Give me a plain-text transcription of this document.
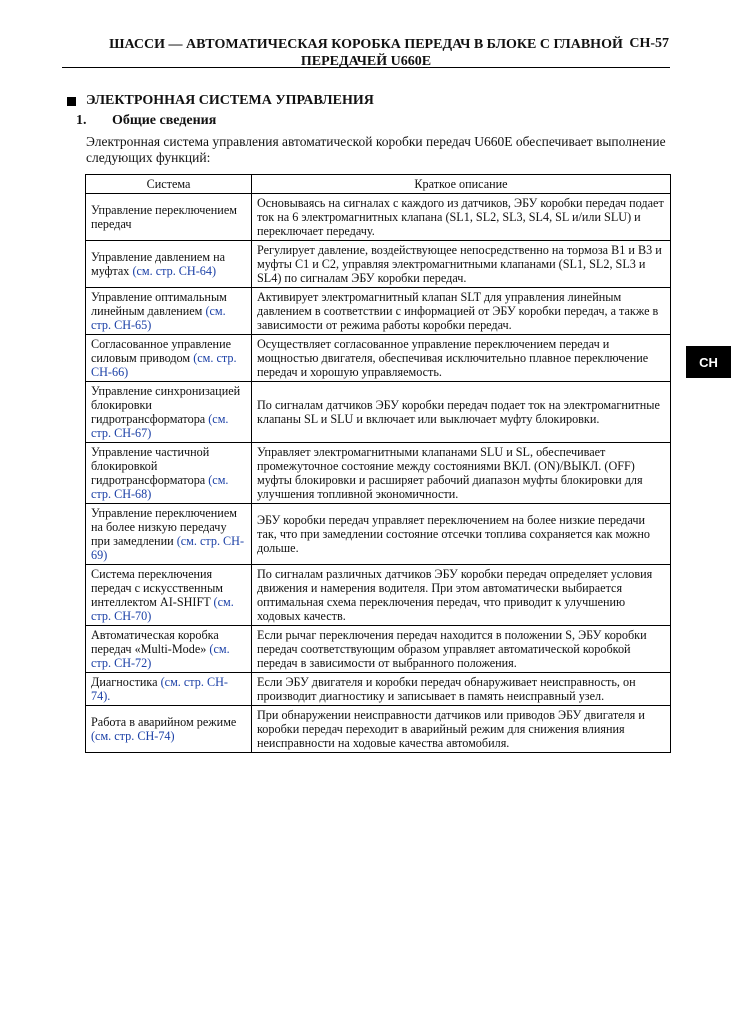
ШАССИ — АВТОМАТИЧЕСКАЯ КОРОБКА ПЕРЕДАЧ В БЛОКЕ С ГЛАВНОЙ
ПЕРЕДАЧЕЙ U660E
CH-57
ЭЛЕКТРОННАЯ СИСТЕМА УПРАВЛЕНИЯ
1. Общие сведения
Электронная система управления автоматической коробки передач U660E обеспечивает выполнение следующих функций:
Система	Краткое описание
Управление переключением передач	Основываясь на сигналах с каждого из датчиков, ЭБУ коробки передач подает ток на 6 электромагнитных клапана (SL1, SL2, SL3, SL4, SL и/или SLU) и переключает передачу.
Управление давлением на муфтах (см. стр. CH-64)	Регулирует давление, воздействующее непосредственно на тормоза B1 и B3 и муфты C1 и C2, управляя электромагнитными клапанами (SL1, SL2, SL3 и SL4) по сигналам ЭБУ коробки передач.
Управление оптимальным линейным давлением (см. стр. CH-65)	Активирует электромагнитный клапан SLT для управления линейным давлением в соответствии с информацией от ЭБУ коробки передач, а также в зависимости от режима работы коробки передач.
Согласованное управление силовым приводом (см. стр. CH-66)	Осуществляет согласованное управление переключением передач и мощностью двигателя, обеспечивая исключительно плавное переключение передач и хорошую управляемость.
Управление синхронизацией блокировки гидротрансформатора (см. стр. CH-67)	По сигналам датчиков ЭБУ коробки передач подает ток на электромагнитные клапаны SL и SLU и включает или выключает муфту блокировки.
Управление частичной блокировкой гидротрансформатора (см. стр. CH-68)	Управляет электромагнитными клапанами SLU и SL, обеспечивает промежуточное состояние между состояниями ВКЛ. (ON)/ВЫКЛ. (OFF) муфты блокировки и расширяет рабочий диапазон муфты блокировки для улучшения топливной экономичности.
Управление переключением на более низкую передачу при замедлении (см. стр. CH-69)	ЭБУ коробки передач управляет переключением на более низкие передачи так, что при замедлении состояние отсечки топлива сохраняется как можно дольше.
Система переключения передач с искусственным интеллектом AI-SHIFT (см. стр. CH-70)	По сигналам различных датчиков ЭБУ коробки передач определяет условия движения и намерения водителя. При этом автоматически выбирается оптимальная схема переключения передач, что приводит к улучшению ходовых качеств.
Автоматическая коробка передач «Multi-Mode» (см. стр. CH-72)	Если рычаг переключения передач находится в положении S, ЭБУ коробки передач соответствующим образом управляет автоматической коробкой передач в зависимости от выбранного положения.
Диагностика (см. стр. CH-74).	Если ЭБУ двигателя и коробки передач обнаруживает неисправность, он производит диагностику и записывает в память неисправный узел.
Работа в аварийном режиме (см. стр. CH-74)	При обнаружении неисправности датчиков или приводов ЭБУ двигателя и коробки передач переходит в аварийный режим для снижения влияния неисправности на ходовые качества автомобиля.
CH
